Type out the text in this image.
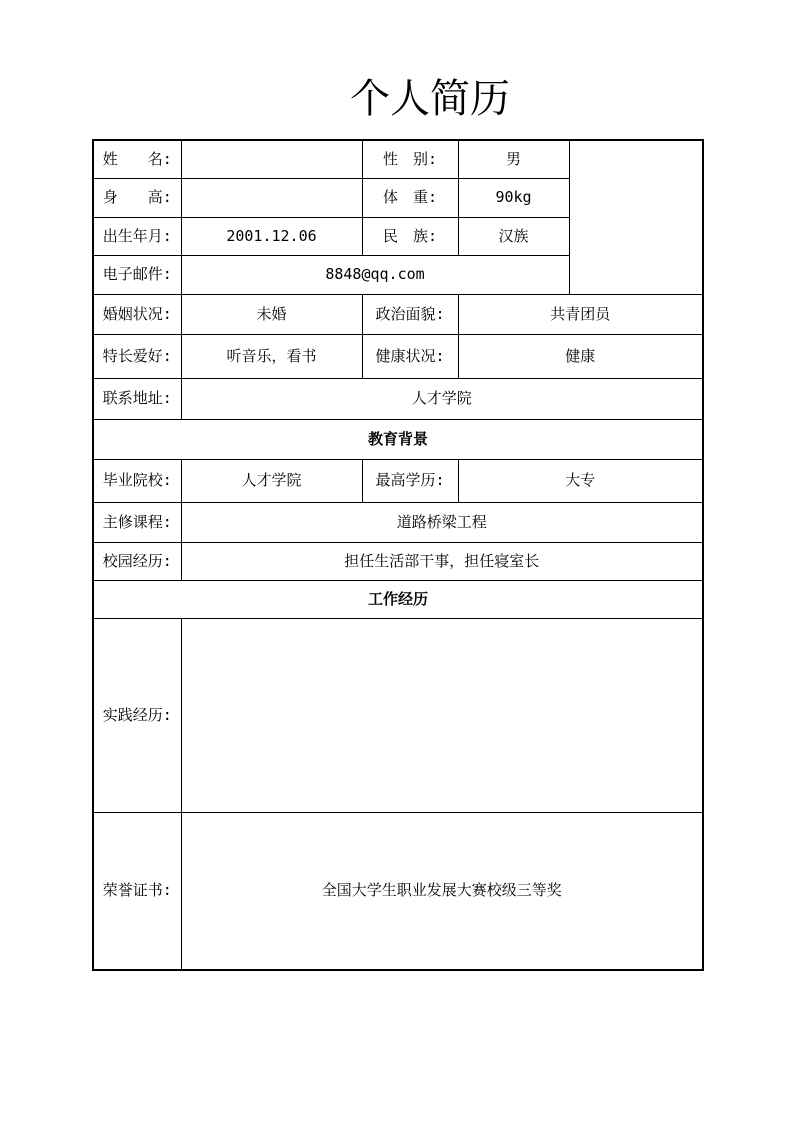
个人简历
姓　　名:		性　别:	男	
身　　高:		体　重:	90kg	
出生年月:	2001.12.06	民　族:	汉族	
电子邮件:	8848@qq.com			
婚姻状况:	未婚	政治面貌:	共青团员	
特长爱好:	听音乐，看书	健康状况:	健康	
联系地址:	人才学院			
教育背景				
毕业院校:	人才学院	最高学历:	大专	
主修课程:	道路桥梁工程			
校园经历:	担任生活部干事，担任寝室长			
工作经历				
实践经历:				
荣誉证书:	全国大学生职业发展大赛校级三等奖			
